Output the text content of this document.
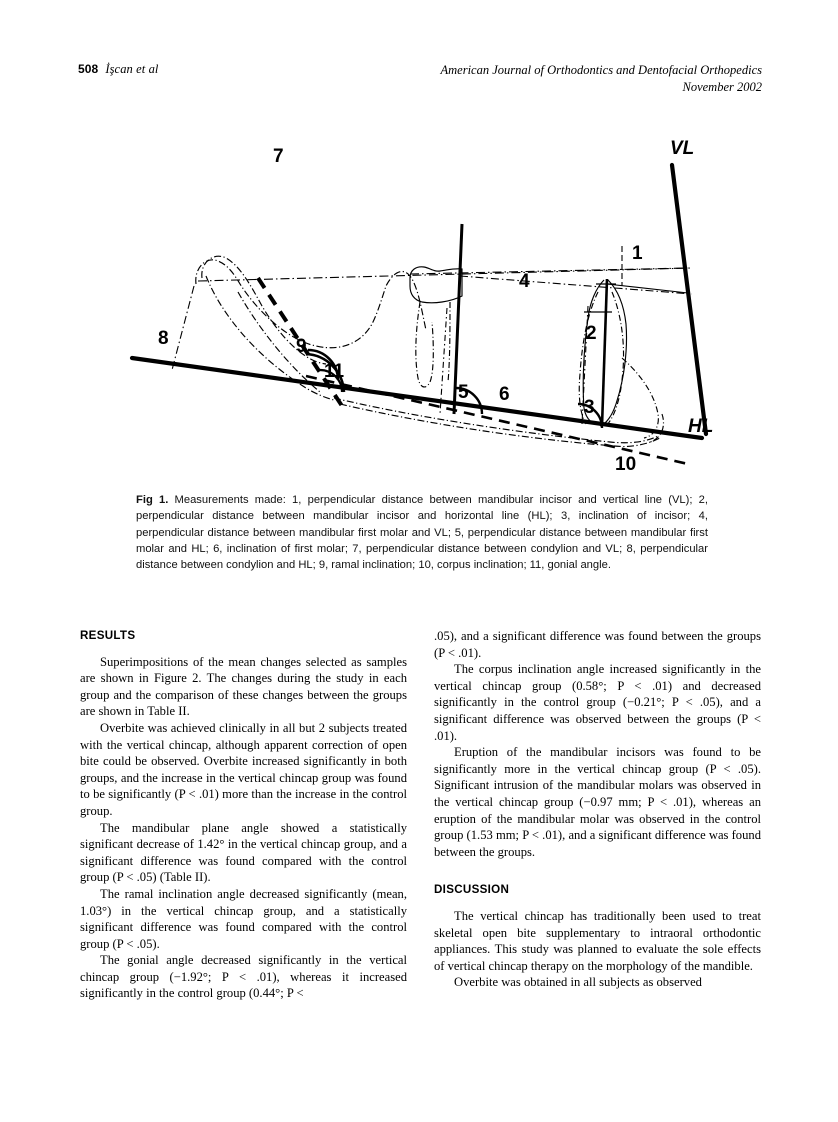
508 İşcan et al	American Journal of Orthodontics and Dentofacial Orthopedics
November 2002
7
8	9
11
4
5 6
1
2
3
10
VL
HL
Fig 1. Measurements made: 1, perpendicular distance between mandibular incisor and vertical line (VL); 2, perpendicular distance between mandibular incisor and horizontal line (HL); 3, inclination of incisor; 4, perpendicular distance between mandibular first molar and VL; 5, perpendicular distance between mandibular first molar and HL; 6, inclination of first molar; 7, perpendicular distance between condylion and VL; 8, perpendicular distance between condylion and HL; 9, ramal inclination; 10, corpus inclination; 11, gonial angle.
RESULTS

Superimpositions of the mean changes selected as samples are shown in Figure 2. The changes during the study in each group and the comparison of these changes between the groups are shown in Table II.

Overbite was achieved clinically in all but 2 subjects treated with the vertical chincap, although apparent correction of open bite could be observed. Overbite increased significantly in both groups, and the increase in the vertical chincap group was found to be significantly (P < .01) more than the increase in the control group.

The mandibular plane angle showed a statistically significant decrease of 1.42° in the vertical chincap group, and a significant difference was found compared with the control group (P < .05) (Table II).

The ramal inclination angle decreased significantly (mean, 1.03°) in the vertical chincap group, and a statistically significant difference was found compared with the control group (P < .05).

The gonial angle decreased significantly in the vertical chincap group (−1.92°; P < .01), whereas it increased significantly in the control group (0.44°; P <

.05), and a significant difference was found between the groups (P < .01).

The corpus inclination angle increased significantly in the vertical chincap group (0.58°; P < .01) and decreased significantly in the control group (−0.21°; P < .05), and a significant difference was observed between the groups (P < .01).

Eruption of the mandibular incisors was found to be significantly more in the vertical chincap group (P < .05). Significant intrusion of the mandibular molars was observed in the vertical chincap group (−0.97 mm; P < .01), whereas an eruption of the mandibular molar was observed in the control group (1.53 mm; P < .01), and a significant difference was found between the groups.

DISCUSSION

The vertical chincap has traditionally been used to treat skeletal open bite supplementary to intraoral orthodontic appliances. This study was planned to evaluate the sole effects of vertical chincap therapy on the morphology of the mandible.

Overbite was obtained in all subjects as observed
